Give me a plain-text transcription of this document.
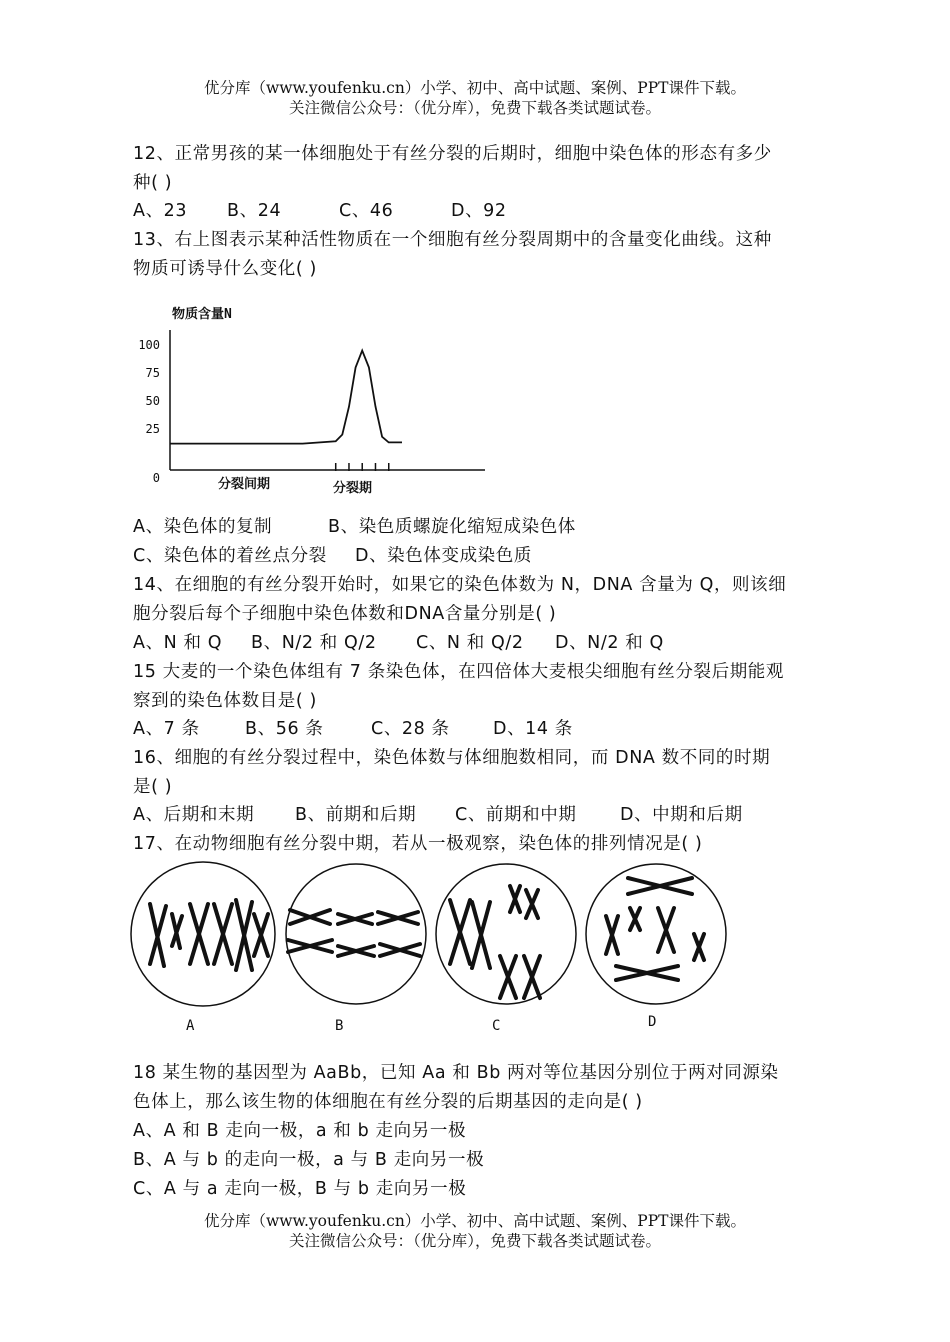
优分库（www.youfenku.cn）小学、初中、高中试题、案例、PPT课件下载。
关注微信公众号：（优分库），免费下载各类试题试卷。
12、正常男孩的某一体细胞处于有丝分裂的后期时，细胞中染色体的形态有多少
种( )
A、23 B、24	C、46	D、92
13、右上图表示某种活性物质在一个细胞有丝分裂周期中的含量变化曲线。这种
物质可诱导什么变化( )
物质含量N
0
25
50
75
100
分裂间期	分裂期
A、染色体的复制	B、染色质螺旋化缩短成染色体
C、染色体的着丝点分裂 D、染色体变成染色质
14、在细胞的有丝分裂开始时，如果它的染色体数为 N，DNA 含量为 Q，则该细
胞分裂后每个子细胞中染色体数和DNA含量分别是( )
A、N 和 Q B、N/2 和 Q/2 C、N 和 Q/2 D、N/2 和 Q
15 大麦的一个染色体组有 7 条染色体，在四倍体大麦根尖细胞有丝分裂后期能观
察到的染色体数目是( )
A、7 条	B、56 条	C、28 条 D、14 条
16、细胞的有丝分裂过程中，染色体数与体细胞数相同，而 DNA 数不同的时期
是( )
A、后期和末期 B、前期和后期 C、前期和中期 D、中期和后期
17、在动物细胞有丝分裂中期，若从一极观察，染色体的排列情况是( )
A	B	C	D
18 某生物的基因型为 AaBb，已知 Aa 和 Bb 两对等位基因分别位于两对同源染
色体上，那么该生物的体细胞在有丝分裂的后期基因的走向是( )
A、A 和 B 走向一极，a 和 b 走向另一极
B、A 与 b 的走向一极，a 与 B 走向另一极
C、A 与 a 走向一极，B 与 b 走向另一极
优分库（www.youfenku.cn）小学、初中、高中试题、案例、PPT课件下载。
关注微信公众号：（优分库），免费下载各类试题试卷。
